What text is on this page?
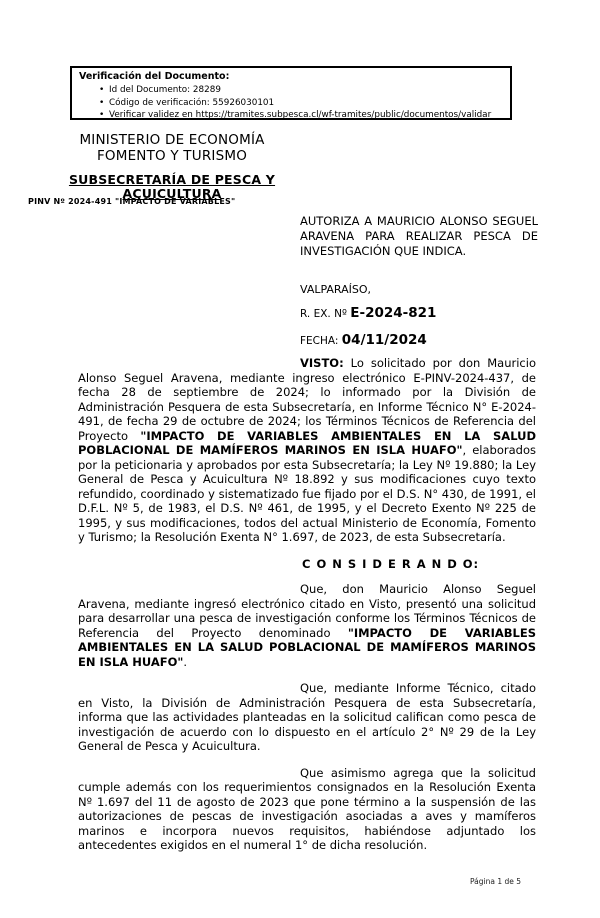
Verificación del Documento:
• Id del Documento: 28289
• Código de verificación: 55926030101
• Verificar validez en https://tramites.subpesca.cl/wf-tramites/public/documentos/validar
MINISTERIO DE ECONOMÍA
FOMENTO Y TURISMO
SUBSECRETARÍA DE PESCA Y
ACUICULTURA
PINV Nº 2024-491 "IMPACTO DE VARIABLES"
AUTORIZA A MAURICIO ALONSO SEGUEL ARAVENA PARA REALIZAR PESCA DE INVESTIGACIÓN QUE INDICA.
VALPARAÍSO,
R. EX. Nº E-2024-821
FECHA: 04/11/2024

VISTO: Lo solicitado por don Mauricio Alonso Seguel Aravena, mediante ingreso electrónico E-PINV-2024-437, de fecha 28 de septiembre de 2024; lo informado por la División de Administración Pesquera de esta Subsecretaría, en Informe Técnico N° E-2024-491, de fecha 29 de octubre de 2024; los Términos Técnicos de Referencia del Proyecto "IMPACTO DE VARIABLES AMBIENTALES EN LA SALUD POBLACIONAL DE MAMÍFEROS MARINOS EN ISLA HUAFO", elaborados por la peticionaria y aprobados por esta Subsecretaría; la Ley Nº 19.880; la Ley General de Pesca y Acuicultura Nº 18.892 y sus modificaciones cuyo texto refundido, coordinado y sistematizado fue fijado por el D.S. N° 430, de 1991, el D.F.L. Nº 5, de 1983, el D.S. Nº 461, de 1995, y el Decreto Exento Nº 225 de 1995, y sus modificaciones, todos del actual Ministerio de Economía, Fomento y Turismo; la Resolución Exenta N° 1.697, de 2023, de esta Subsecretaría.

C O N S I D E R A N D O:

Que, don Mauricio Alonso Seguel Aravena, mediante ingresó electrónico citado en Visto, presentó una solicitud para desarrollar una pesca de investigación conforme los Términos Técnicos de Referencia del Proyecto denominado "IMPACTO DE VARIABLES AMBIENTALES EN LA SALUD POBLACIONAL DE MAMÍFEROS MARINOS EN ISLA HUAFO".

Que, mediante Informe Técnico, citado en Visto, la División de Administración Pesquera de esta Subsecretaría, informa que las actividades planteadas en la solicitud califican como pesca de investigación de acuerdo con lo dispuesto en el artículo 2° Nº 29 de la Ley General de Pesca y Acuicultura.

Que asimismo agrega que la solicitud cumple además con los requerimientos consignados en la Resolución Exenta Nº 1.697 del 11 de agosto de 2023 que pone término a la suspensión de las autorizaciones de pescas de investigación asociadas a aves y mamíferos marinos e incorpora nuevos requisitos, habiéndose adjuntado los antecedentes exigidos en el numeral 1° de dicha resolución.

Página 1 de 5
